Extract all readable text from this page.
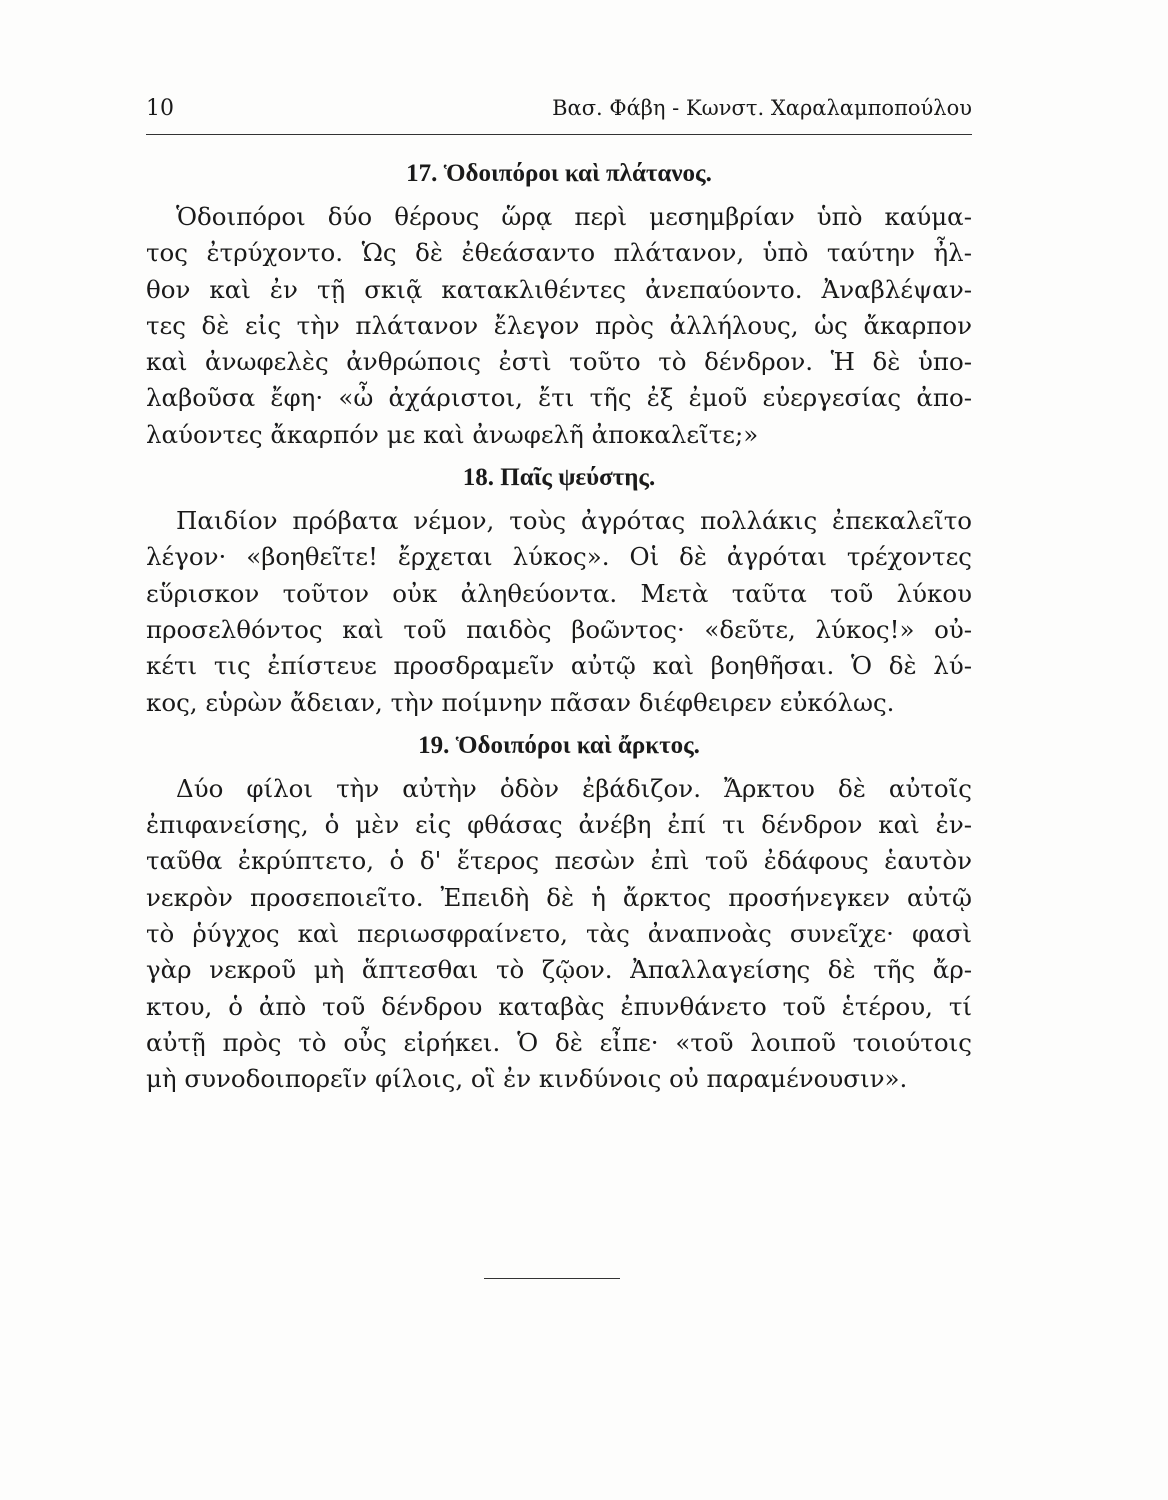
10	Βασ. Φάβη - Κωνστ. Χαραλαμποπούλου
17. Ὁδοιπόροι καὶ πλάτανος.
Ὁδοιπόροι δύο θέρους ὥρᾳ περὶ μεσημβρίαν ὑπὸ καύμα-
τος ἐτρύχοντο. Ὡς δὲ ἐθεάσαντο πλάτανον, ὑπὸ ταύτην ἦλ-
θον καὶ ἐν τῇ σκιᾷ κατακλιθέντες ἀνεπαύοντο. Ἀναβλέψαν-
τες δὲ εἰς τὴν πλάτανον ἔλεγον πρὸς ἀλλήλους, ὡς ἄκαρπον
καὶ ἀνωφελὲς ἀνθρώποις ἐστὶ τοῦτο τὸ δένδρον. Ἡ δὲ ὑπο-
λαβοῦσα ἔφη· «ὦ ἀχάριστοι, ἔτι τῆς ἐξ ἐμοῦ εὐεργεσίας ἀπο-
λαύοντες ἄκαρπόν με καὶ ἀνωφελῆ ἀποκαλεῖτε;»
18. Παῖς ψεύστης.
Παιδίον πρόβατα νέμον, τοὺς ἀγρότας πολλάκις ἐπεκαλεῖτο
λέγον· «βοηθεῖτε! ἔρχεται λύκος». Οἱ δὲ ἀγρόται τρέχοντες
εὕρισκον τοῦτον οὐκ ἀληθεύοντα. Μετὰ ταῦτα τοῦ λύκου
προσελθόντος καὶ τοῦ παιδὸς βοῶντος· «δεῦτε, λύκος!» οὐ-
κέτι τις ἐπίστευε προσδραμεῖν αὐτῷ καὶ βοηθῆσαι. Ὁ δὲ λύ-
κος, εὑρὼν ἄδειαν, τὴν ποίμνην πᾶσαν διέφθειρεν εὐκόλως.
19. Ὁδοιπόροι καὶ ἄρκτος.
Δύο φίλοι τὴν αὐτὴν ὁδὸν ἐβάδιζον. Ἄρκτου δὲ αὐτοῖς
ἐπιφανείσης, ὁ μὲν εἰς φθάσας ἀνέβη ἐπί τι δένδρον καὶ ἐν-
ταῦθα ἐκρύπτετο, ὁ δ' ἕτερος πεσὼν ἐπὶ τοῦ ἐδάφους ἑαυτὸν
νεκρὸν προσεποιεῖτο. Ἐπειδὴ δὲ ἡ ἄρκτος προσήνεγκεν αὐτῷ
τὸ ῥύγχος καὶ περιωσφραίνετο, τὰς ἀναπνοὰς συνεῖχε· φασὶ
γὰρ νεκροῦ μὴ ἅπτεσθαι τὸ ζῷον. Ἀπαλλαγείσης δὲ τῆς ἄρ-
κτου, ὁ ἀπὸ τοῦ δένδρου καταβὰς ἐπυνθάνετο τοῦ ἑτέρου, τί
αὐτῇ πρὸς τὸ οὖς εἰρήκει. Ὁ δὲ εἶπε· «τοῦ λοιποῦ τοιούτοις
μὴ συνοδοιπορεῖν φίλοις, οἳ ἐν κινδύνοις οὐ παραμένουσιν».
